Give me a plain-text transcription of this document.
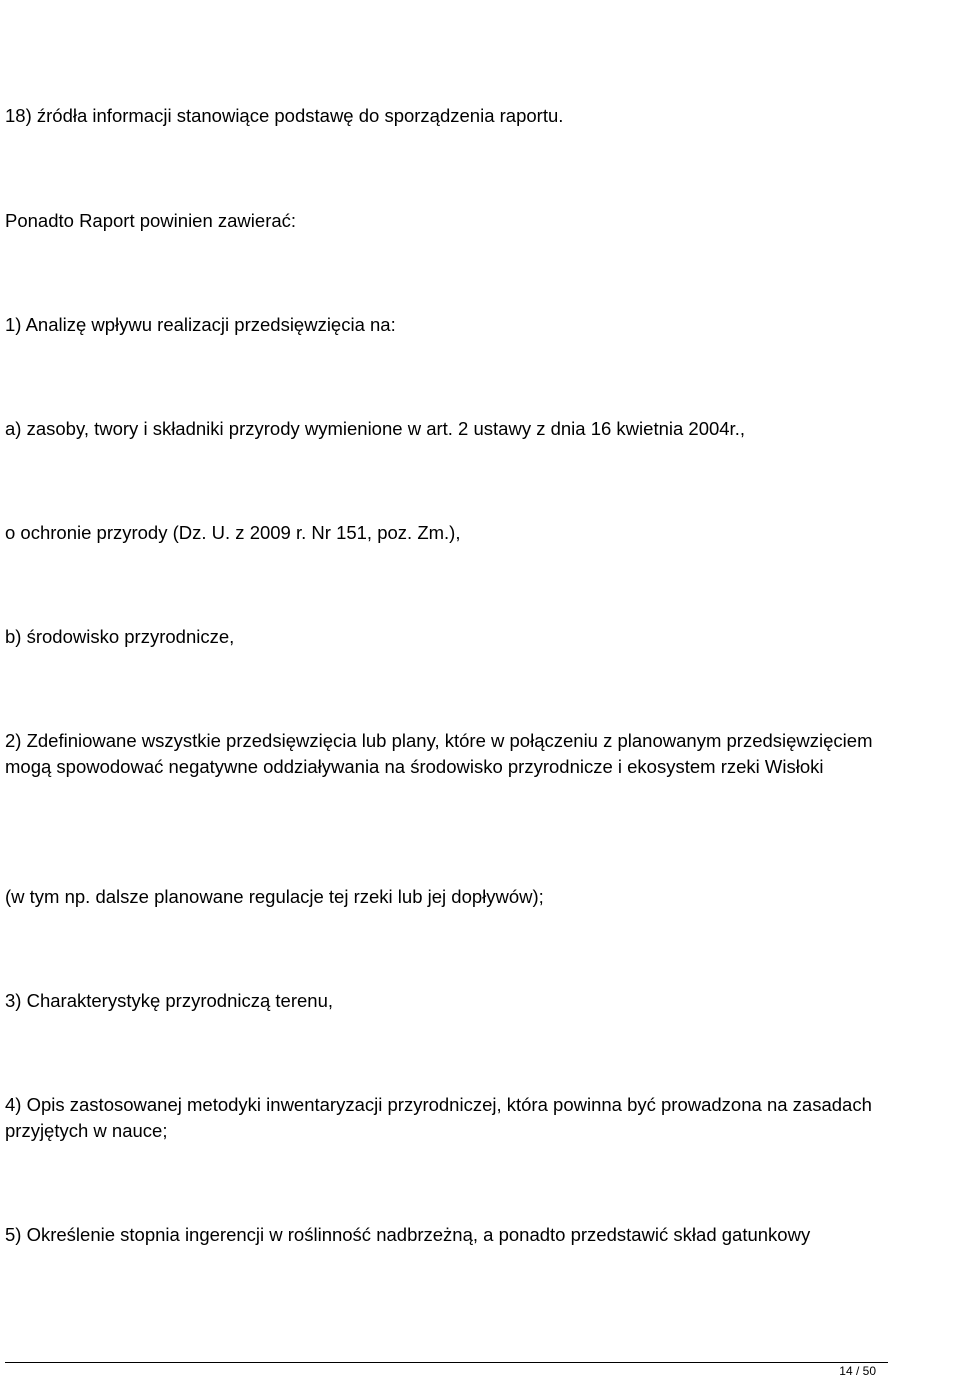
18) źródła informacji stanowiące podstawę do sporządzenia raportu.

Ponadto Raport powinien zawierać:

1) Analizę wpływu realizacji przedsięwzięcia na:

a) zasoby, twory i składniki przyrody wymienione w art. 2 ustawy z dnia 16 kwietnia 2004r.,

o ochronie przyrody (Dz. U. z 2009 r. Nr 151, poz. Zm.),

b) środowisko przyrodnicze,

2) Zdefiniowane wszystkie przedsięwzięcia lub plany, które w połączeniu z planowanym przedsięwzięciem mogą spowodować negatywne oddziaływania na środowisko przyrodnicze i ekosystem rzeki Wisłoki

(w tym np. dalsze planowane regulacje tej rzeki lub jej dopływów);

3) Charakterystykę przyrodniczą terenu,

4) Opis zastosowanej metodyki inwentaryzacji przyrodniczej, która powinna być prowadzona na zasadach przyjętych w nauce;

5) Określenie stopnia ingerencji w roślinność nadbrzeżną, a ponadto przedstawić skład gatunkowy

14 / 50
